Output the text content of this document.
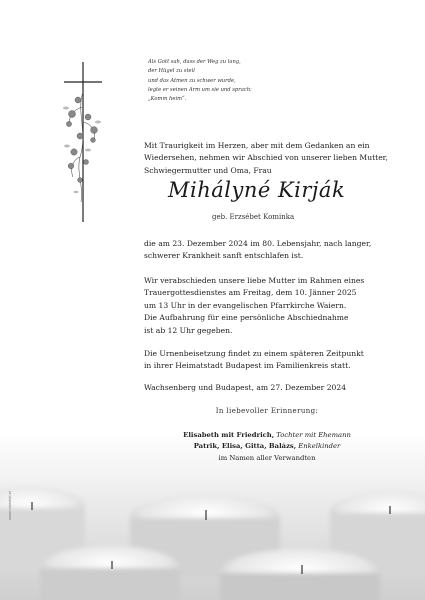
Als Gott sah, dass der Weg zu lang,
der Hügel zu steil
und das Atmen zu schwer wurde,
legte er seinen Arm um sie und sprach:
„Komm heim“.
Mit Traurigkeit im Herzen, aber mit dem Gedanken an ein
Wiedersehen, nehmen wir Abschied von unserer lieben Mutter,
Schwiegermutter und Oma, Frau
Mihályné Kirják
geb. Erzsébet Kominka
die am 23. Dezember 2024 im 80. Lebensjahr, nach langer,
schwerer Krankheit sanft entschlafen ist.
Wir verabschieden unsere liebe Mutter im Rahmen eines
Trauergottesdienstes am Freitag, dem 10. Jänner 2025
um 13 Uhr in der evangelischen Pfarrkirche Waiern.
Die Aufbahrung für eine persönliche Abschiednahme
ist ab 12 Uhr gegeben.
Die Urnenbeisetzung findet zu einem späteren Zeitpunkt
in ihrer Heimatstadt Budapest im Familienkreis statt.
Wachsenberg und Budapest, am 27. Dezember 2024
In liebevoller Erinnerung:
Elisabeth mit Friedrich, Tochter mit Ehemann
Patrik, Elisa, Gitta, Balázs, Enkelkinder
im Namen aller Verwandten
www.todesfall.at
